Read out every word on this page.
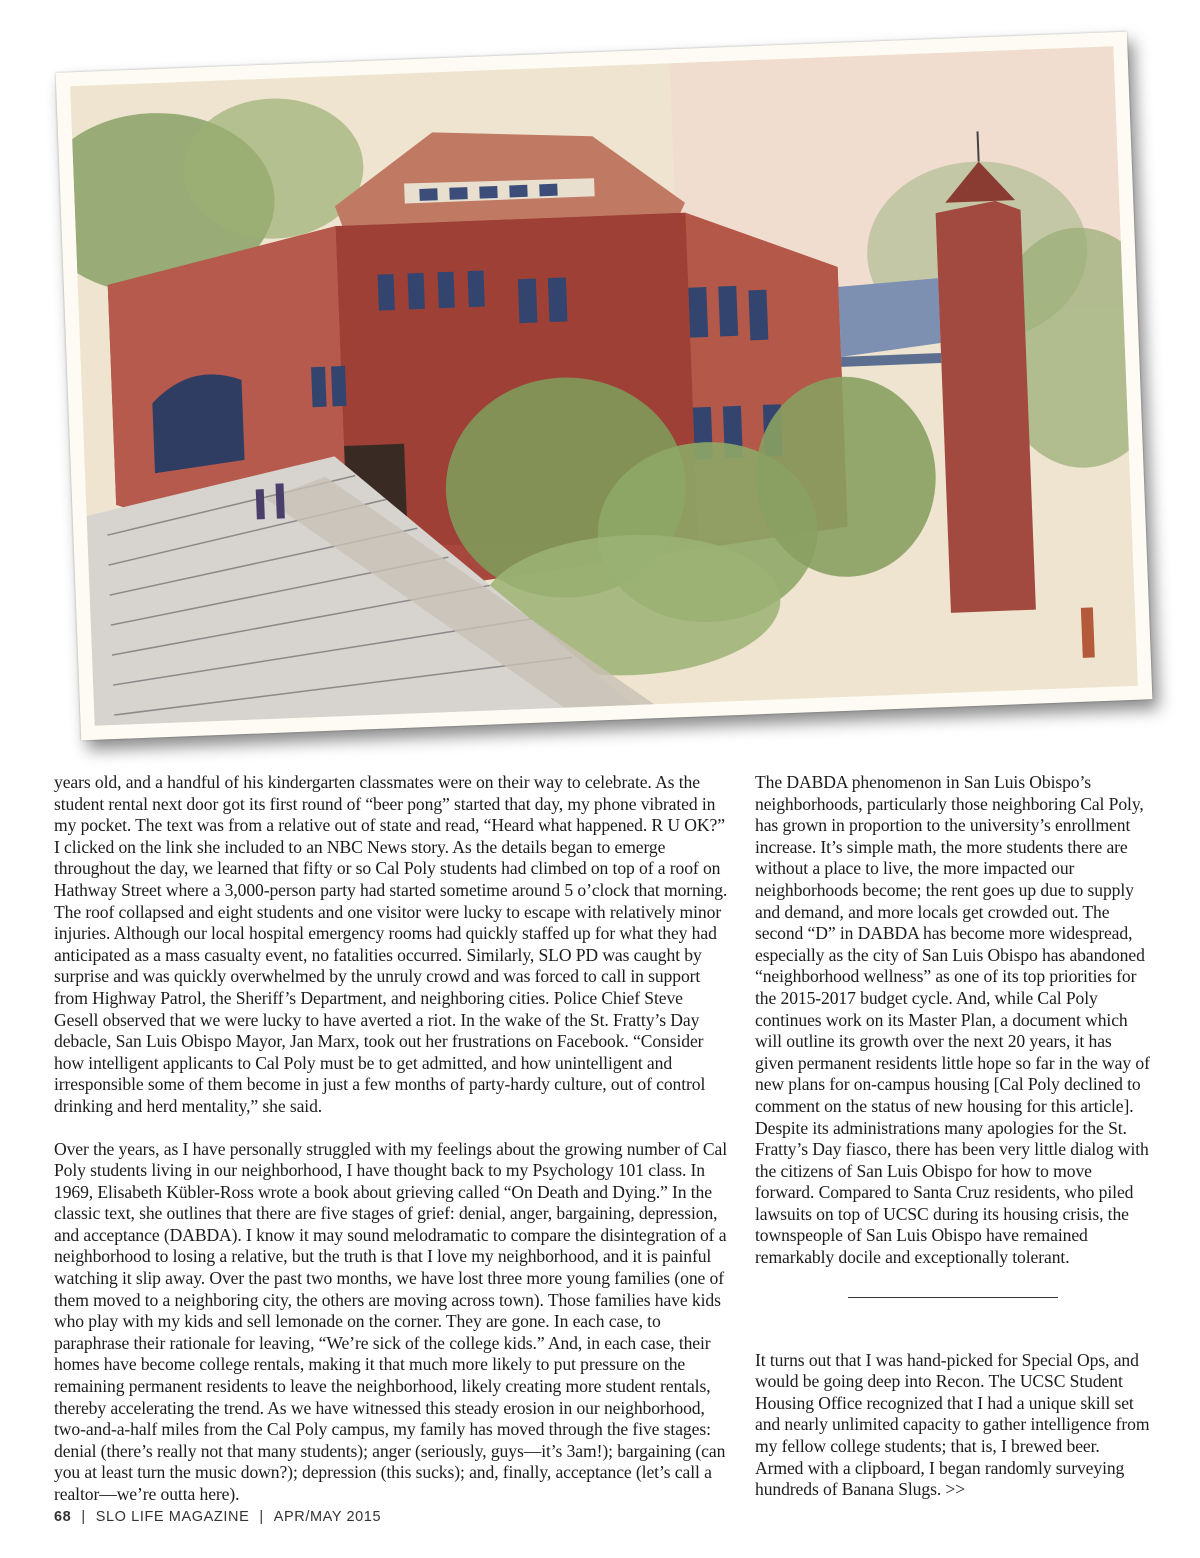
years old, and a handful of his kindergarten classmates were on their way to celebrate. As the student rental next door got its first round of “beer pong” started that day, my phone vibrated in my pocket. The text was from a relative out of state and read, “Heard what happened. R U OK?” I clicked on the link she included to an NBC News story. As the details began to emerge throughout the day, we learned that fifty or so Cal Poly students had climbed on top of a roof on Hathway Street where a 3,000-person party had started sometime around 5 o’clock that morning. The roof collapsed and eight students and one visitor were lucky to escape with relatively minor injuries. Although our local hospital emergency rooms had quickly staffed up for what they had anticipated as a mass casualty event, no fatalities occurred. Similarly, SLO PD was caught by surprise and was quickly overwhelmed by the unruly crowd and was forced to call in support from Highway Patrol, the Sheriff’s Department, and neighboring cities. Police Chief Steve Gesell observed that we were lucky to have averted a riot. In the wake of the St. Fratty’s Day debacle, San Luis Obispo Mayor, Jan Marx, took out her frustrations on Facebook. “Consider how intelligent applicants to Cal Poly must be to get admitted, and how unintelligent and irresponsible some of them become in just a few months of party-hardy culture, out of control drinking and herd mentality,” she said.

Over the years, as I have personally struggled with my feelings about the growing number of Cal Poly students living in our neighborhood, I have thought back to my Psychology 101 class. In 1969, Elisabeth Kübler-Ross wrote a book about grieving called “On Death and Dying.” In the classic text, she outlines that there are five stages of grief: denial, anger, bargaining, depression, and acceptance (DABDA). I know it may sound melodramatic to compare the disintegration of a neighborhood to losing a relative, but the truth is that I love my neighborhood, and it is painful watching it slip away. Over the past two months, we have lost three more young families (one of them moved to a neighboring city, the others are moving across town). Those families have kids who play with my kids and sell lemonade on the corner. They are gone. In each case, to paraphrase their rationale for leaving, “We’re sick of the college kids.” And, in each case, their homes have become college rentals, making it that much more likely to put pressure on the remaining permanent residents to leave the neighborhood, likely creating more student rentals, thereby accelerating the trend. As we have witnessed this steady erosion in our neighborhood, two-and-a-half miles from the Cal Poly campus, my family has moved through the five stages: denial (there’s really not that many students); anger (seriously, guys—it’s 3am!); bargaining (can you at least turn the music down?); depression (this sucks); and, finally, acceptance (let’s call a realtor—we’re outta here).

The DABDA phenomenon in San Luis Obispo’s neighborhoods, particularly those neighboring Cal Poly, has grown in proportion to the university’s enrollment increase. It’s simple math, the more students there are without a place to live, the more impacted our neighborhoods become; the rent goes up due to supply and demand, and more locals get crowded out. The second “D” in DABDA has become more widespread, especially as the city of San Luis Obispo has abandoned “neighborhood wellness” as one of its top priorities for the 2015-2017 budget cycle. And, while Cal Poly continues work on its Master Plan, a document which will outline its growth over the next 20 years, it has given permanent residents little hope so far in the way of new plans for on-campus housing [Cal Poly declined to comment on the status of new housing for this article]. Despite its administrations many apologies for the St. Fratty’s Day fiasco, there has been very little dialog with the citizens of San Luis Obispo for how to move forward. Compared to Santa Cruz residents, who piled lawsuits on top of UCSC during its housing crisis, the townspeople of San Luis Obispo have remained remarkably docile and exceptionally tolerant.

It turns out that I was hand-picked for Special Ops, and would be going deep into Recon. The UCSC Student Housing Office recognized that I had a unique skill set and nearly unlimited capacity to gather intelligence from my fellow college students; that is, I brewed beer. Armed with a clipboard, I began randomly surveying hundreds of Banana Slugs. >>

68 | SLO LIFE MAGAZINE | APR/MAY 2015
